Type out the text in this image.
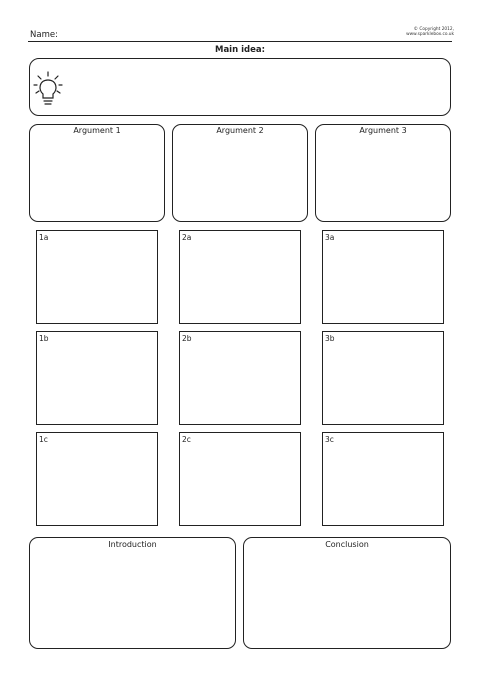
Name:
© Copyright 2012,
www.sparklebox.co.uk
Main idea:
Argument 1	Argument 2	Argument 3
1a	2a	3a
1b	2b	3b
1c	2c	3c
Introduction	Conclusion
